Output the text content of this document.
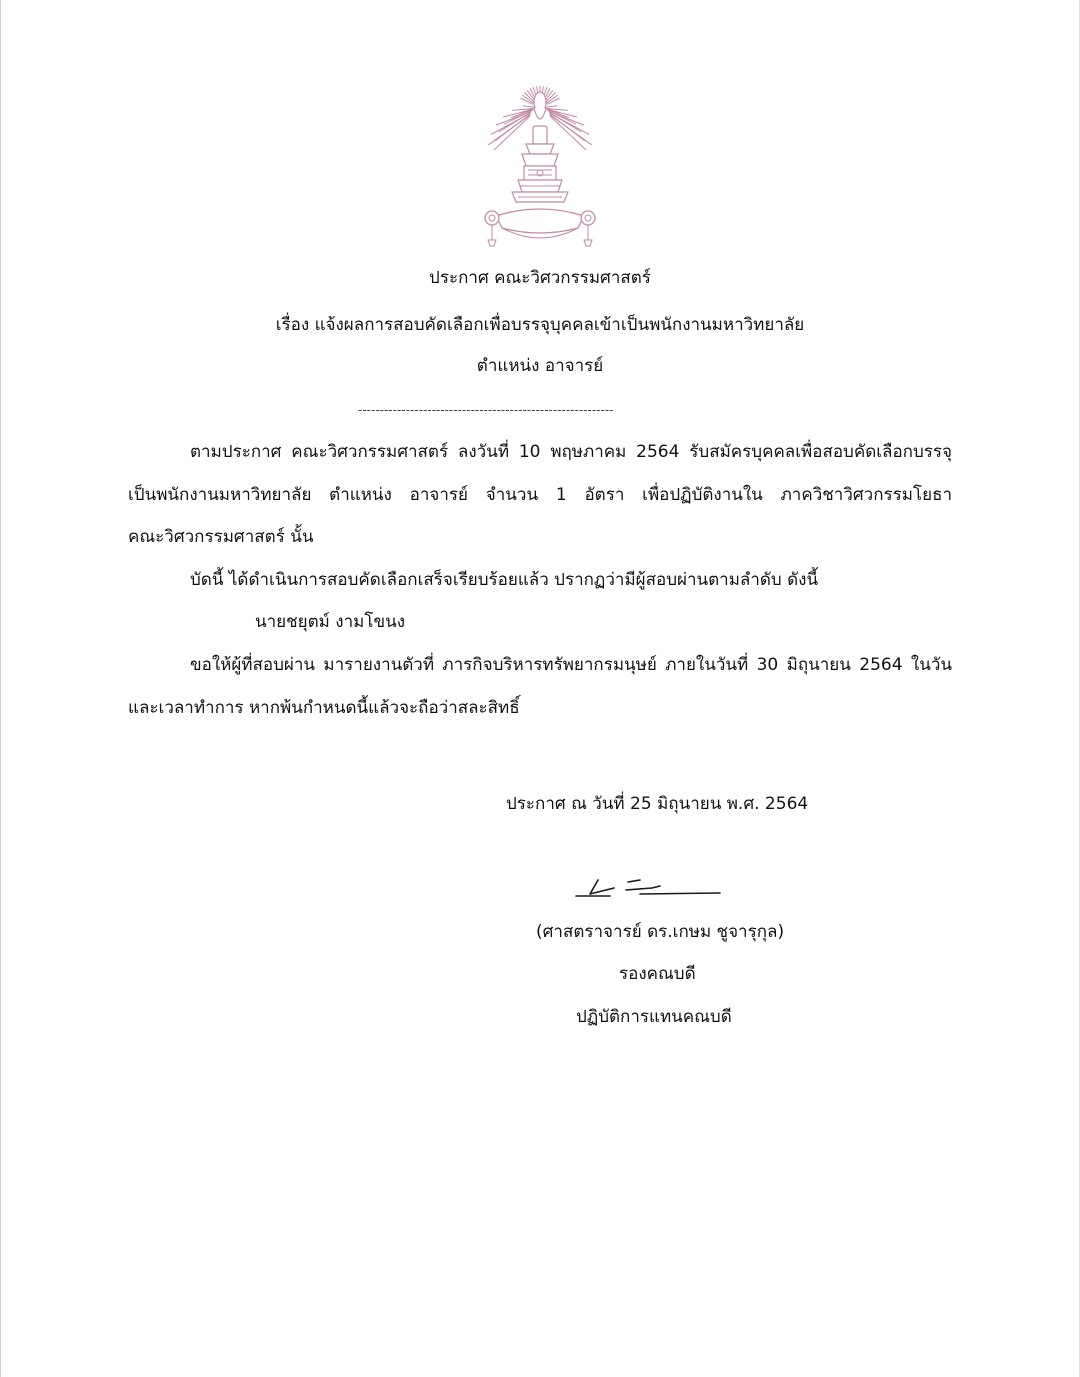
ประกาศ คณะวิศวกรรมศาสตร์
เรื่อง แจ้งผลการสอบคัดเลือกเพื่อบรรจุบุคคลเข้าเป็นพนักงานมหาวิทยาลัย
ตำแหน่ง อาจารย์
-----------------------------------------------------------
ตามประกาศ คณะวิศวกรรมศาสตร์ ลงวันที่ 10 พฤษภาคม 2564 รับสมัครบุคคลเพื่อสอบคัดเลือกบรรจุ
เป็นพนักงานมหาวิทยาลัย ตำแหน่ง อาจารย์ จำนวน 1 อัตรา เพื่อปฏิบัติงานใน ภาควิชาวิศวกรรมโยธา
คณะวิศวกรรมศาสตร์ นั้น
บัดนี้ ได้ดำเนินการสอบคัดเลือกเสร็จเรียบร้อยแล้ว ปรากฏว่ามีผู้สอบผ่านตามลำดับ ดังนี้
นายชยุตม์ งามโขนง
ขอให้ผู้ที่สอบผ่าน มารายงานตัวที่ ภารกิจบริหารทรัพยากรมนุษย์ ภายในวันที่ 30 มิถุนายน 2564 ในวัน
และเวลาทำการ หากพ้นกำหนดนี้แล้วจะถือว่าสละสิทธิ์
ประกาศ ณ วันที่ 25 มิถุนายน พ.ศ. 2564
(ศาสตราจารย์ ดร.เกษม ชูจารุกุล)
รองคณบดี
ปฏิบัติการแทนคณบดี
